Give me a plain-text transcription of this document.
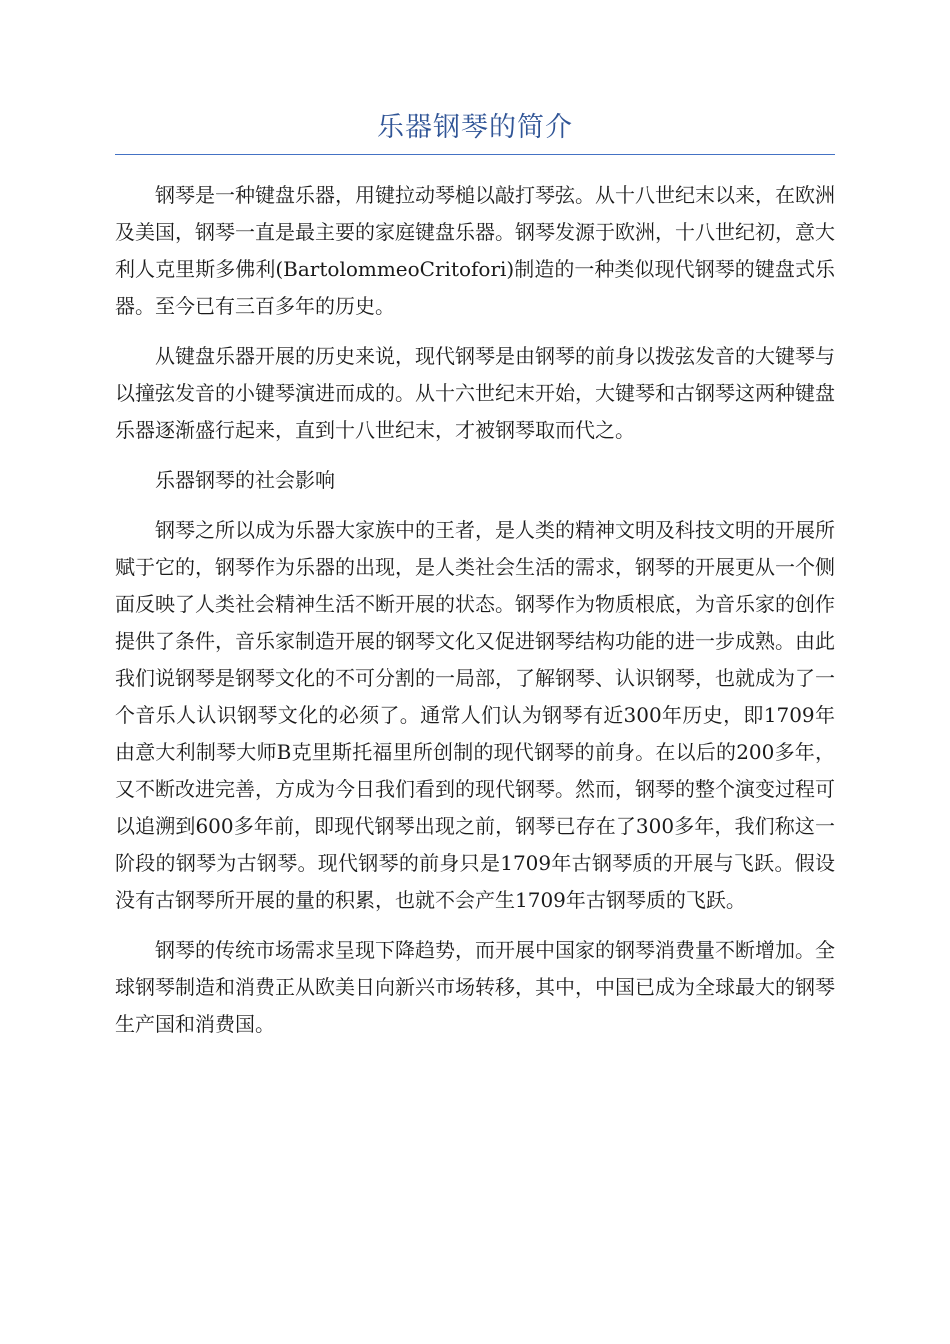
乐器钢琴的简介

钢琴是一种键盘乐器，用键拉动琴槌以敲打琴弦。从十八世纪末以来，在欧洲及美国，钢琴一直是最主要的家庭键盘乐器。钢琴发源于欧洲，十八世纪初，意大利人克里斯多佛利(BartolommeoCritofori)制造的一种类似现代钢琴的键盘式乐器。至今已有三百多年的历史。

从键盘乐器开展的历史来说，现代钢琴是由钢琴的前身以拨弦发音的大键琴与以撞弦发音的小键琴演进而成的。从十六世纪末开始，大键琴和古钢琴这两种键盘乐器逐渐盛行起来，直到十八世纪末，才被钢琴取而代之。

乐器钢琴的社会影响

钢琴之所以成为乐器大家族中的王者，是人类的精神文明及科技文明的开展所赋于它的，钢琴作为乐器的出现，是人类社会生活的需求，钢琴的开展更从一个侧面反映了人类社会精神生活不断开展的状态。钢琴作为物质根底，为音乐家的创作提供了条件，音乐家制造开展的钢琴文化又促进钢琴结构功能的进一步成熟。由此我们说钢琴是钢琴文化的不可分割的一局部，了解钢琴、认识钢琴，也就成为了一个音乐人认识钢琴文化的必须了。通常人们认为钢琴有近300年历史，即1709年由意大利制琴大师B克里斯托福里所创制的现代钢琴的前身。在以后的200多年，又不断改进完善，方成为今日我们看到的现代钢琴。然而，钢琴的整个演变过程可以追溯到600多年前，即现代钢琴出现之前，钢琴已存在了300多年，我们称这一阶段的钢琴为古钢琴。现代钢琴的前身只是1709年古钢琴质的开展与飞跃。假设没有古钢琴所开展的量的积累，也就不会产生1709年古钢琴质的飞跃。

钢琴的传统市场需求呈现下降趋势，而开展中国家的钢琴消费量不断增加。全球钢琴制造和消费正从欧美日向新兴市场转移，其中，中国已成为全球最大的钢琴生产国和消费国。
